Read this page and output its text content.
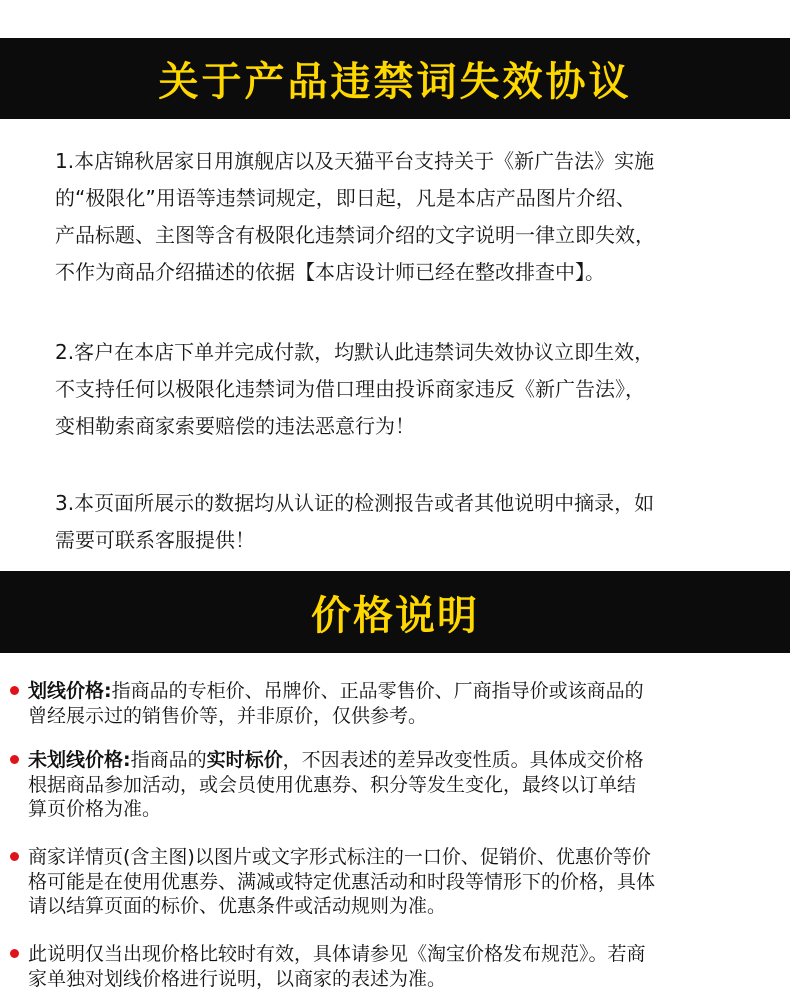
关于产品违禁词失效协议

1.本店锦秋居家日用旗舰店以及天猫平台支持关于《新广告法》实施

的“极限化”用语等违禁词规定，即日起，凡是本店产品图片介绍、

产品标题、主图等含有极限化违禁词介绍的文字说明一律立即失效，

不作为商品介绍描述的依据【本店设计师已经在整改排查中】。

2.客户在本店下单并完成付款，均默认此违禁词失效协议立即生效，

不支持任何以极限化违禁词为借口理由投诉商家违反《新广告法》，

变相勒索商家索要赔偿的违法恶意行为！

3.本页面所展示的数据均从认证的检测报告或者其他说明中摘录，如

需要可联系客服提供！

价格说明
划线价格:指商品的专柜价、吊牌价、正品零售价、厂商指导价或该商品的
曾经展示过的销售价等，并非原价，仅供参考。
未划线价格:指商品的实时标价，不因表述的差异改变性质。具体成交价格
根据商品参加活动，或会员使用优惠券、积分等发生变化，最终以订单结
算页价格为准。
商家详情页(含主图)以图片或文字形式标注的一口价、促销价、优惠价等价
格可能是在使用优惠券、满减或特定优惠活动和时段等情形下的价格，具体
请以结算页面的标价、优惠条件或活动规则为准。
此说明仅当出现价格比较时有效，具体请参见《淘宝价格发布规范》。若商
家单独对划线价格进行说明，以商家的表述为准。
